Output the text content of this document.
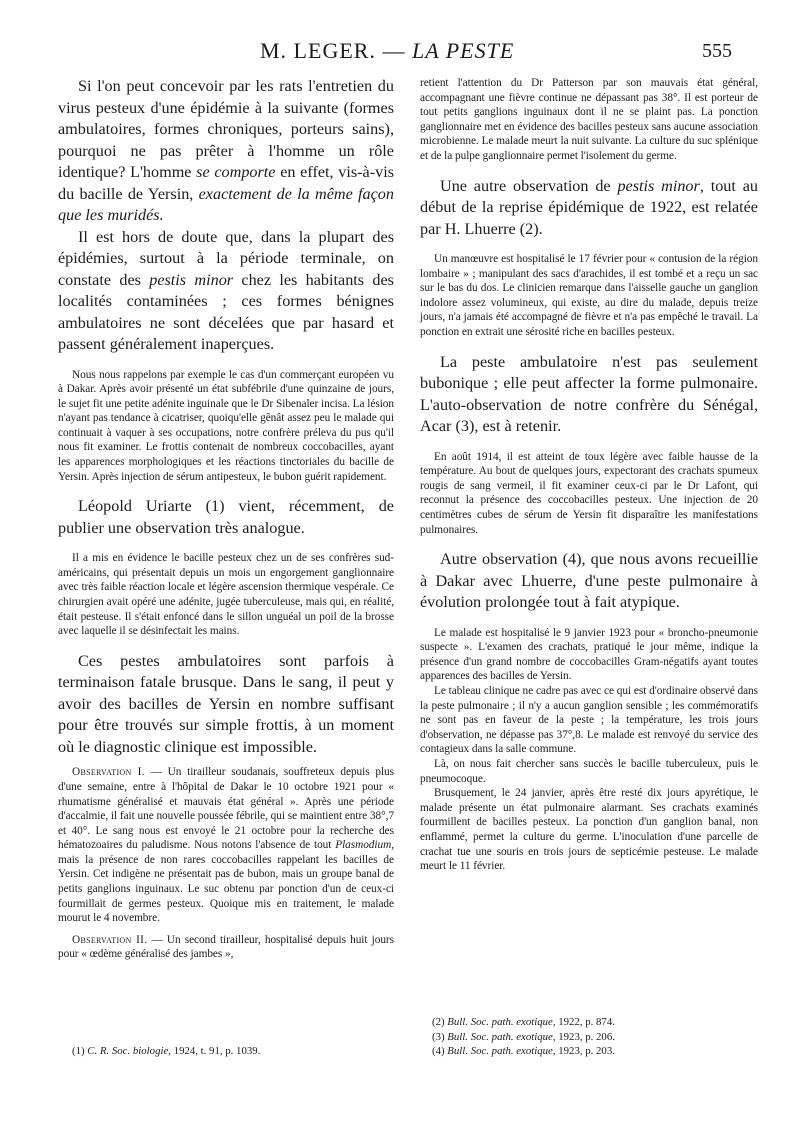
M. LEGER. — LA PESTE	555

Si l'on peut concevoir par les rats l'entretien du virus pesteux d'une épidémie à la suivante (formes ambulatoires, formes chroniques, porteurs sains), pourquoi ne pas prêter à l'homme un rôle identique? L'homme se comporte en effet, vis-à-vis du bacille de Yersin, exactement de la même façon que les muridés.

Il est hors de doute que, dans la plupart des épidémies, surtout à la période terminale, on constate des pestis minor chez les habitants des localités contaminées ; ces formes bénignes ambulatoires ne sont décelées que par hasard et passent généralement inaperçues.

Nous nous rappelons par exemple le cas d'un commerçant européen vu à Dakar. Après avoir présenté un état subfébrile d'une quinzaine de jours, le sujet fit une petite adénite inguinale que le Dr Sibenaler incisa. La lésion n'ayant pas tendance à cicatriser, quoiqu'elle gênât assez peu le malade qui continuait à vaquer à ses occupations, notre confrère préleva du pus qu'il nous fit examiner. Le frottis contenait de nombreux coccobacilles, ayant les apparences morphologiques et les réactions tinctoriales du bacille de Yersin. Après injection de sérum antipesteux, le bubon guérit rapidement.

Léopold Uriarte (1) vient, récemment, de publier une observation très analogue.

Il a mis en évidence le bacille pesteux chez un de ses confrères sud-américains, qui présentait depuis un mois un engorgement ganglionnaire avec très faible réaction locale et légère ascension thermique vespérale. Ce chirurgien avait opéré une adénite, jugée tuberculeuse, mais qui, en réalité, était pesteuse. Il s'était enfoncé dans le sillon unguéal un poil de la brosse avec laquelle il se désinfectait les mains.

Ces pestes ambulatoires sont parfois à terminaison fatale brusque. Dans le sang, il peut y avoir des bacilles de Yersin en nombre suffisant pour être trouvés sur simple frottis, à un moment où le diagnostic clinique est impossible.

Observation I. — Un tirailleur soudanais, souffreteux depuis plus d'une semaine, entre à l'hôpital de Dakar le 10 octobre 1921 pour « rhumatisme généralisé et mauvais état général ». Après une période d'accalmie, il fait une nouvelle poussée fébrile, qui se maintient entre 38°,7 et 40°. Le sang nous est envoyé le 21 octobre pour la recherche des hématozoaires du paludisme. Nous notons l'absence de tout Plasmodium, mais la présence de non rares coccobacilles rappelant les bacilles de Yersin. Cet indigène ne présentait pas de bubon, mais un groupe banal de petits ganglions inguinaux. Le suc obtenu par ponction d'un de ceux-ci fourmillait de germes pesteux. Quoique mis en traitement, le malade mourut le 4 novembre.

Observation II. — Un second tirailleur, hospitalisé depuis huit jours pour « œdème généralisé des jambes »,

(1) C. R. Soc. biologie, 1924, t. 91, p. 1039.

retient l'attention du Dr Patterson par son mauvais état général, accompagnant une fièvre continue ne dépassant pas 38°. Il est porteur de tout petits ganglions inguinaux dont il ne se plaint pas. La ponction ganglionnaire met en évidence des bacilles pesteux sans aucune association microbienne. Le malade meurt la nuit suivante. La culture du suc splénique et de la pulpe ganglionnaire permet l'isolement du germe.

Une autre observation de pestis minor, tout au début de la reprise épidémique de 1922, est relatée par H. Lhuerre (2).

Un manœuvre est hospitalisé le 17 février pour « contusion de la région lombaire » ; manipulant des sacs d'arachides, il est tombé et a reçu un sac sur le bas du dos. Le clinicien remarque dans l'aisselle gauche un ganglion indolore assez volumineux, qui existe, au dire du malade, depuis treize jours, n'a jamais été accompagné de fièvre et n'a pas empêché le travail. La ponction en extrait une sérosité riche en bacilles pesteux.

La peste ambulatoire n'est pas seulement bubonique ; elle peut affecter la forme pulmonaire. L'auto-observation de notre confrère du Sénégal, Acar (3), est à retenir.

En août 1914, il est atteint de toux légère avec faible hausse de la température. Au bout de quelques jours, expectorant des crachats spumeux rougis de sang vermeil, il fit examiner ceux-ci par le Dr Lafont, qui reconnut la présence des coccobacilles pesteux. Une injection de 20 centimètres cubes de sérum de Yersin fit disparaître les manifestations pulmonaires.

Autre observation (4), que nous avons recueillie à Dakar avec Lhuerre, d'une peste pulmonaire à évolution prolongée tout à fait atypique.

Le malade est hospitalisé le 9 janvier 1923 pour « broncho-pneumonie suspecte ». L'examen des crachats, pratiqué le jour même, indique la présence d'un grand nombre de coccobacilles Gram-négatifs ayant toutes apparences des bacilles de Yersin.

Le tableau clinique ne cadre pas avec ce qui est d'ordinaire observé dans la peste pulmonaire ; il n'y a aucun ganglion sensible ; les commémoratifs ne sont pas en faveur de la peste ; la température, les trois jours d'observation, ne dépasse pas 37°,8. Le malade est renvoyé du service des contagieux dans la salle commune.

Là, on nous fait chercher sans succès le bacille tuberculeux, puis le pneumocoque.

Brusquement, le 24 janvier, après être resté dix jours apyrétique, le malade présente un état pulmonaire alarmant. Ses crachats examinés fourmillent de bacilles pesteux. La ponction d'un ganglion banal, non enflammé, permet la culture du germe. L'inoculation d'une parcelle de crachat tue une souris en trois jours de septicémie pesteuse. Le malade meurt le 11 février.

(2) Bull. Soc. path. exotique, 1922, p. 874.
(3) Bull. Soc. path. exotique, 1923, p. 206.
(4) Bull. Soc. path. exotique, 1923, p. 203.
